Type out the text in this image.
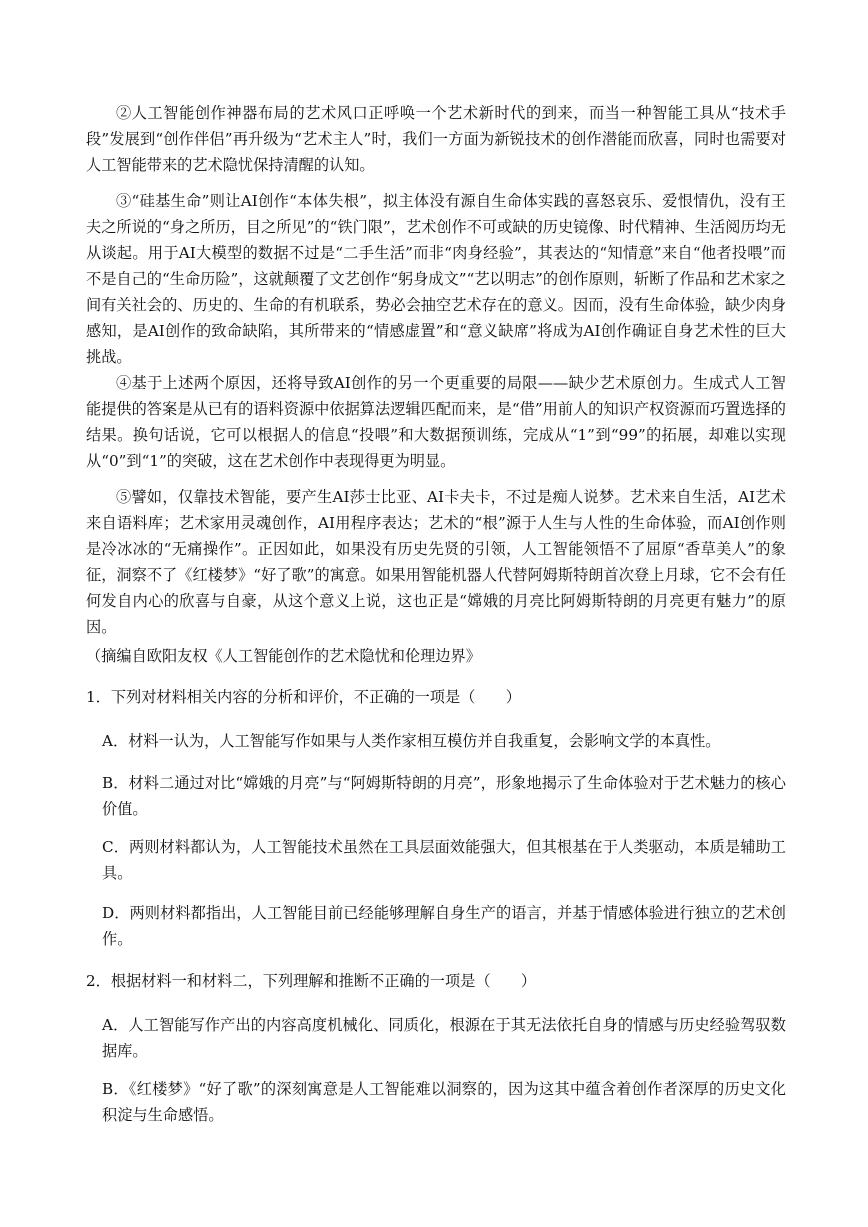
②人工智能创作神器布局的艺术风口正呼唤一个艺术新时代的到来，而当一种智能工具从“技术手段”发展到“创作伴侣”再升级为“艺术主人”时，我们一方面为新锐技术的创作潜能而欣喜，同时也需要对人工智能带来的艺术隐忧保持清醒的认知。

③“硅基生命”则让AI创作“本体失根”，拟主体没有源自生命体实践的喜怒哀乐、爱恨情仇，没有王夫之所说的“身之所历，目之所见”的“铁门限”，艺术创作不可或缺的历史镜像、时代精神、生活阅历均无从谈起。用于AI大模型的数据不过是“二手生活”而非“肉身经验”，其表达的“知情意”来自“他者投喂”而不是自己的“生命历险”，这就颠覆了文艺创作“躬身成文”“艺以明志”的创作原则，斩断了作品和艺术家之间有关社会的、历史的、生命的有机联系，势必会抽空艺术存在的意义。因而，没有生命体验，缺少肉身感知，是AI创作的致命缺陷，其所带来的“情感虚置”和“意义缺席”将成为AI创作确证自身艺术性的巨大挑战。

④基于上述两个原因，还将导致AI创作的另一个更重要的局限——缺少艺术原创力。生成式人工智能提供的答案是从已有的语料资源中依据算法逻辑匹配而来，是“借”用前人的知识产权资源而巧置选择的结果。换句话说，它可以根据人的信息“投喂”和大数据预训练，完成从“1”到“99”的拓展，却难以实现从“0”到“1”的突破，这在艺术创作中表现得更为明显。

⑤譬如，仅靠技术智能，要产生AI莎士比亚、AI卡夫卡，不过是痴人说梦。艺术来自生活，AI艺术来自语料库；艺术家用灵魂创作，AI用程序表达；艺术的“根”源于人生与人性的生命体验，而AI创作则是冷冰冰的“无痛操作”。正因如此，如果没有历史先贤的引领，人工智能领悟不了屈原“香草美人”的象征，洞察不了《红楼梦》“好了歌”的寓意。如果用智能机器人代替阿姆斯特朗首次登上月球，它不会有任何发自内心的欣喜与自豪，从这个意义上说，这也正是“嫦娥的月亮比阿姆斯特朗的月亮更有魅力”的原因。

（摘编自欧阳友权《人工智能创作的艺术隐忧和伦理边界》

1．下列对材料相关内容的分析和评价，不正确的一项是（　　）

A．材料一认为，人工智能写作如果与人类作家相互模仿并自我重复，会影响文学的本真性。

B．材料二通过对比“嫦娥的月亮”与“阿姆斯特朗的月亮”，形象地揭示了生命体验对于艺术魅力的核心价值。

C．两则材料都认为，人工智能技术虽然在工具层面效能强大，但其根基在于人类驱动，本质是辅助工具。

D．两则材料都指出，人工智能目前已经能够理解自身生产的语言，并基于情感体验进行独立的艺术创作。

2．根据材料一和材料二，下列理解和推断不正确的一项是（　　）

A．人工智能写作产出的内容高度机械化、同质化，根源在于其无法依托自身的情感与历史经验驾驭数据库。

B．《红楼梦》“好了歌”的深刻寓意是人工智能难以洞察的，因为这其中蕴含着创作者深厚的历史文化积淀与生命感悟。
